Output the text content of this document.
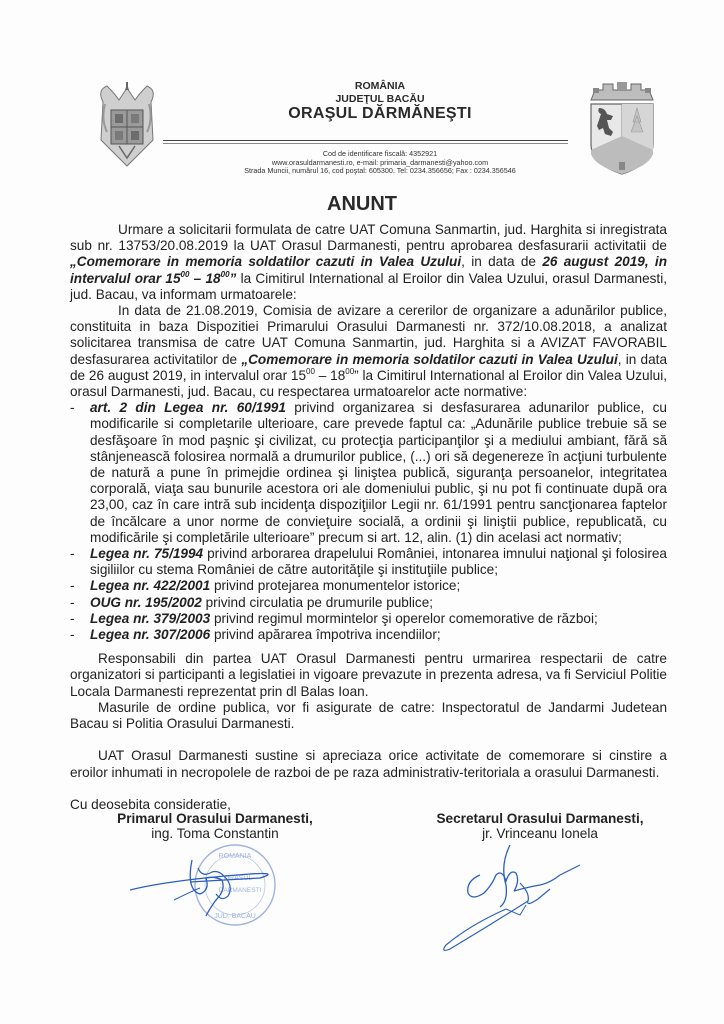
ROMÂNIA
JUDEŢUL BACĂU
ORAŞUL DĂRMĂNEŞTI
Cod de identificare fiscală: 4352921
www.orasuldarmanesti.ro, e-mail: primaria_darmanesti@yahoo.com
Strada Muncii, numărul 16, cod poştal: 605300. Tel: 0234.356656; Fax : 0234.356546
ANUNT

Urmare a solicitarii formulata de catre UAT Comuna Sanmartin, jud. Harghita si inregistrata sub nr. 13753/20.08.2019 la UAT Orasul Darmanesti, pentru aprobarea desfasurarii activitatii de „Comemorare in memoria soldatilor cazuti in Valea Uzului, in data de 26 august 2019, in intervalul orar $15^{00} - 18^{00}$” la Cimitirul International al Eroilor din Valea Uzului, orasul Darmanesti, jud. Bacau, va informam urmatoarele:

In data de 21.08.2019, Comisia de avizare a cererilor de organizare a adunărilor publice, constituita in baza Dispozitiei Primarului Orasului Darmanesti nr. 372/10.08.2018, a analizat solicitarea transmisa de catre UAT Comuna Sanmartin, jud. Harghita si a AVIZAT FAVORABIL desfasurarea activitatilor de „Comemorare in memoria soldatilor cazuti in Valea Uzului, in data de 26 august 2019, in intervalul orar $15^{00} - 18^{00}$” la Cimitirul International al Eroilor din Valea Uzului, orasul Darmanesti, jud. Bacau, cu respectarea urmatoarelor acte normative:

- art. 2 din Legea nr. 60/1991 privind organizarea si desfasurarea adunarilor publice, cu modificarile si completarile ulterioare, care prevede faptul ca: „Adunările publice trebuie să se desfăşoare în mod paşnic şi civilizat, cu protecţia participanţilor şi a mediului ambiant, fără să stânjenească folosirea normală a drumurilor publice, (...) ori să degenereze în acţiuni turbulente de natură a pune în primejdie ordinea şi liniştea publică, siguranţa persoanelor, integritatea corporală, viaţa sau bunurile acestora ori ale domeniului public, şi nu pot fi continuate după ora 23,00, caz în care intră sub incidenţa dispoziţiilor Legii nr. 61/1991 pentru sancţionarea faptelor de încălcare a unor norme de convieţuire socială, a ordinii şi liniştii publice, republicată, cu modificările şi completările ulterioare” precum si art. 12, alin. (1) din acelasi act normativ;
- Legea nr. 75/1994 privind arborarea drapelului României, intonarea imnului naţional şi folosirea sigiliilor cu stema României de către autorităţile şi instituţiile publice;
- Legea nr. 422/2001 privind protejarea monumentelor istorice;
- OUG nr. 195/2002 privind circulatia pe drumurile publice;
- Legea nr. 379/2003 privind regimul mormintelor şi operelor comemorative de război;
- Legea nr. 307/2006 privind apărarea împotriva incendiilor;

Responsabili din partea UAT Orasul Darmanesti pentru urmarirea respectarii de catre organizatori si participanti a legislatiei in vigoare prevazute in prezenta adresa, va fi Serviciul Politie Locala Darmanesti reprezentat prin dl Balas Ioan.

Masurile de ordine publica, vor fi asigurate de catre: Inspectoratul de Jandarmi Judetean Bacau si Politia Orasului Darmanesti.

UAT Orasul Darmanesti sustine si apreciaza orice activitate de comemorare si cinstire a eroilor inhumati in necropolele de razboi de pe raza administrativ-teritoriala a orasului Darmanesti.

Cu deosebita consideratie,

Primarul Orasului Darmanesti,
ing. Toma Constantin
Secretarul Orasului Darmanesti,
jr. Vrinceanu Ionela
ROMANIA
ORASUL
DARMANESTI
JUD. BACAU
